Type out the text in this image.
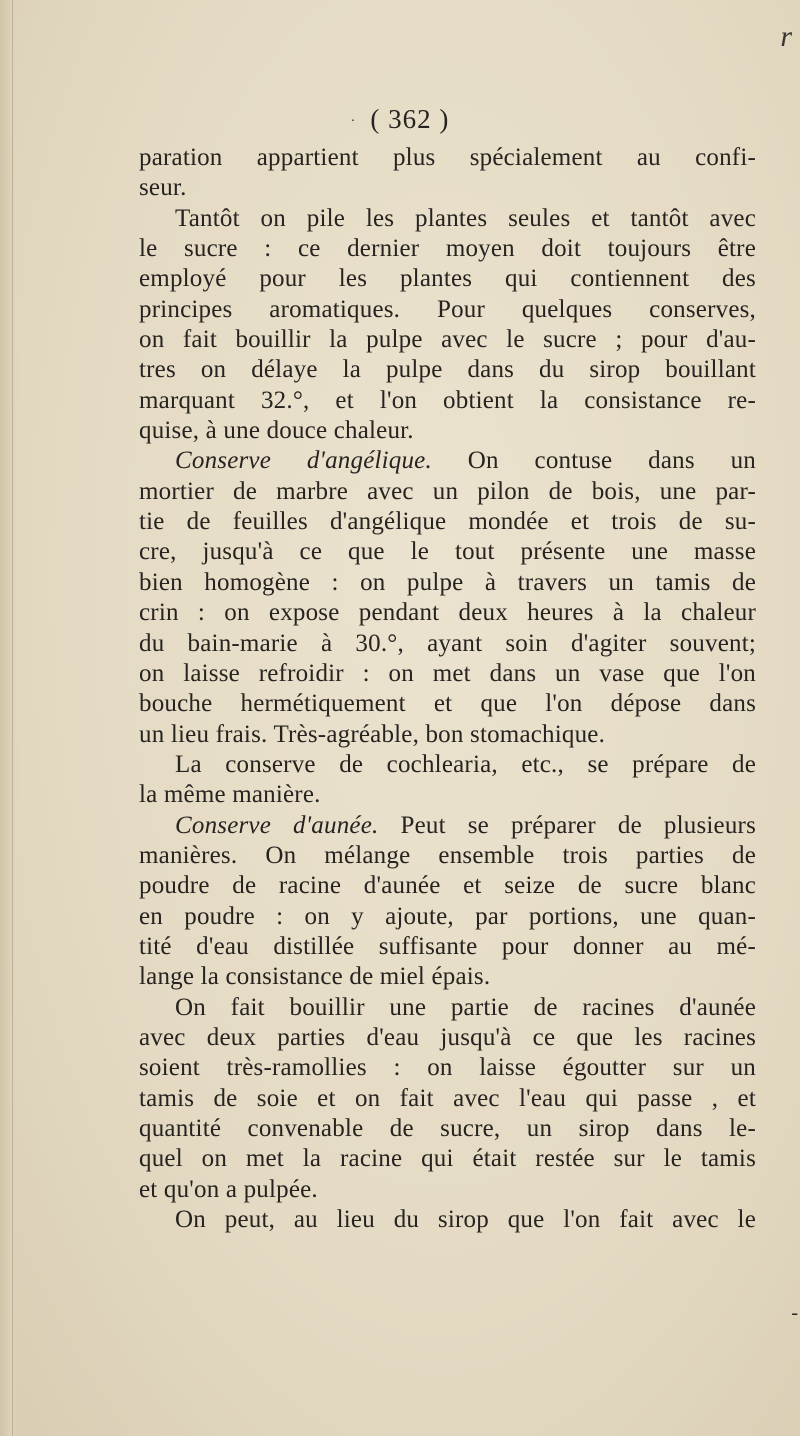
r
· ( 362 )
paration appartient plus spécialement au confi-
seur.
Tantôt on pile les plantes seules et tantôt avec
le sucre : ce dernier moyen doit toujours être
employé pour les plantes qui contiennent des
principes aromatiques. Pour quelques conserves,
on fait bouillir la pulpe avec le sucre ; pour d'au-
tres on délaye la pulpe dans du sirop bouillant
marquant 32.°, et l'on obtient la consistance re-
quise, à une douce chaleur.
Conserve d'angélique. On contuse dans un
mortier de marbre avec un pilon de bois, une par-
tie de feuilles d'angélique mondée et trois de su-
cre, jusqu'à ce que le tout présente une masse
bien homogène : on pulpe à travers un tamis de
crin : on expose pendant deux heures à la chaleur
du bain-marie à 30.°, ayant soin d'agiter souvent;
on laisse refroidir : on met dans un vase que l'on
bouche hermétiquement et que l'on dépose dans
un lieu frais. Très-agréable, bon stomachique.
La conserve de cochlearia, etc., se prépare de
la même manière.
Conserve d'aunée. Peut se préparer de plusieurs
manières. On mélange ensemble trois parties de
poudre de racine d'aunée et seize de sucre blanc
en poudre : on y ajoute, par portions, une quan-
tité d'eau distillée suffisante pour donner au mé-
lange la consistance de miel épais.
On fait bouillir une partie de racines d'aunée
avec deux parties d'eau jusqu'à ce que les racines
soient très-ramollies : on laisse égoutter sur un
tamis de soie et on fait avec l'eau qui passe , et
quantité convenable de sucre, un sirop dans le-
quel on met la racine qui était restée sur le tamis
et qu'on a pulpée.
On peut, au lieu du sirop que l'on fait avec le
-
